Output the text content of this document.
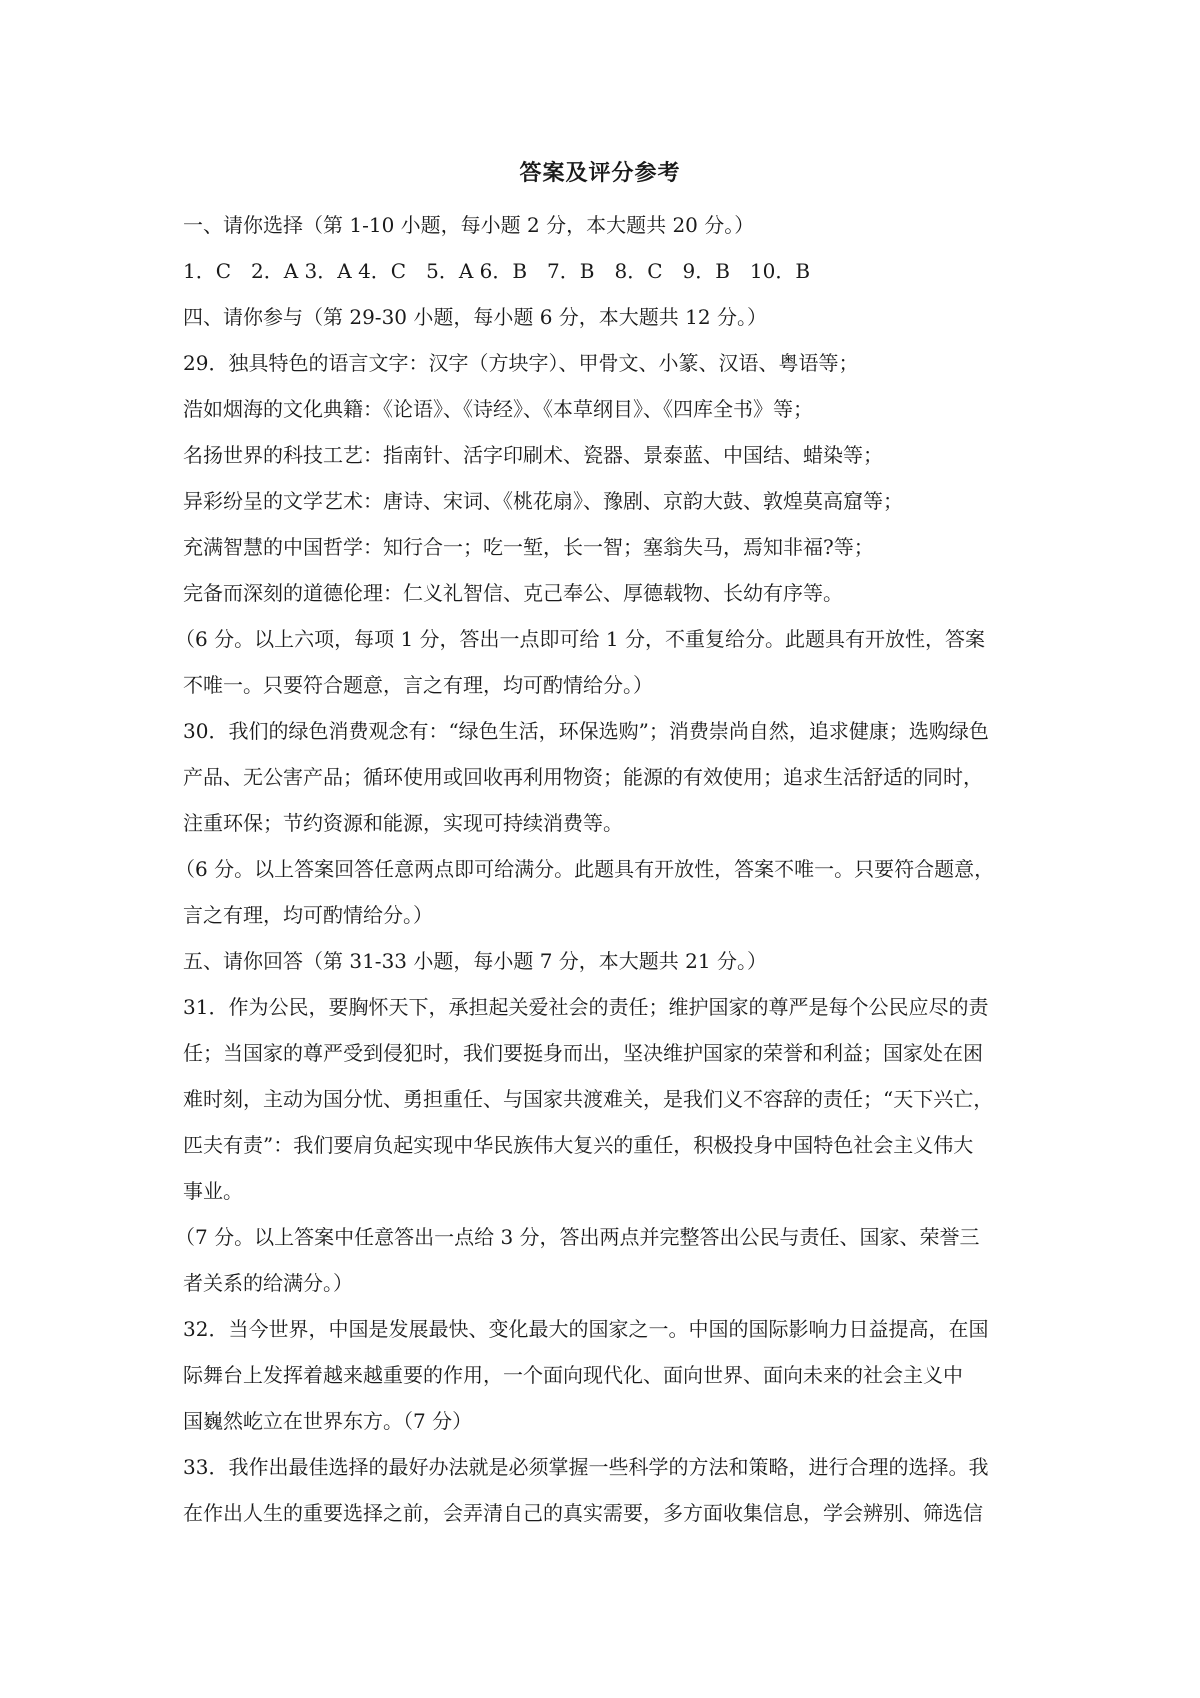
答案及评分参考
一、请你选择（第 1-10 小题，每小题 2 分，本大题共 20 分。）
1．C　2．A 3．A 4．C　5．A 6．B　7．B　8．C　9．B　10．B
四、请你参与（第 29-30 小题，每小题 6 分，本大题共 12 分。）
29．独具特色的语言文字：汉字（方块字）、甲骨文、小篆、汉语、粤语等；
浩如烟海的文化典籍：《论语》、《诗经》、《本草纲目》、《四库全书》等；
名扬世界的科技工艺：指南针、活字印刷术、瓷器、景泰蓝、中国结、蜡染等；
异彩纷呈的文学艺术：唐诗、宋词、《桃花扇》、豫剧、京韵大鼓、敦煌莫高窟等；
充满智慧的中国哲学：知行合一；吃一堑，长一智；塞翁失马，焉知非福?等；
完备而深刻的道德伦理：仁义礼智信、克己奉公、厚德载物、长幼有序等。
（6 分。以上六项，每项 1 分，答出一点即可给 1 分，不重复给分。此题具有开放性，答案
不唯一。只要符合题意，言之有理，均可酌情给分。）
30．我们的绿色消费观念有：“绿色生活，环保选购”；消费崇尚自然，追求健康；选购绿色
产品、无公害产品；循环使用或回收再利用物资；能源的有效使用；追求生活舒适的同时，
注重环保；节约资源和能源，实现可持续消费等。
（6 分。以上答案回答任意两点即可给满分。此题具有开放性，答案不唯一。只要符合题意，
言之有理，均可酌情给分。）
五、请你回答（第 31-33 小题，每小题 7 分，本大题共 21 分。）
31．作为公民，要胸怀天下，承担起关爱社会的责任；维护国家的尊严是每个公民应尽的责
任；当国家的尊严受到侵犯时，我们要挺身而出，坚决维护国家的荣誉和利益；国家处在困
难时刻，主动为国分忧、勇担重任、与国家共渡难关，是我们义不容辞的责任；“天下兴亡，
匹夫有责”：我们要肩负起实现中华民族伟大复兴的重任，积极投身中国特色社会主义伟大
事业。
（7 分。以上答案中任意答出一点给 3 分，答出两点并完整答出公民与责任、国家、荣誉三
者关系的给满分。）
32．当今世界，中国是发展最快、变化最大的国家之一。中国的国际影响力日益提高，在国
际舞台上发挥着越来越重要的作用，一个面向现代化、面向世界、面向未来的社会主义中
国巍然屹立在世界东方。（7 分）
33．我作出最佳选择的最好办法就是必须掌握一些科学的方法和策略，进行合理的选择。我
在作出人生的重要选择之前，会弄清自己的真实需要，多方面收集信息，学会辨别、筛选信
